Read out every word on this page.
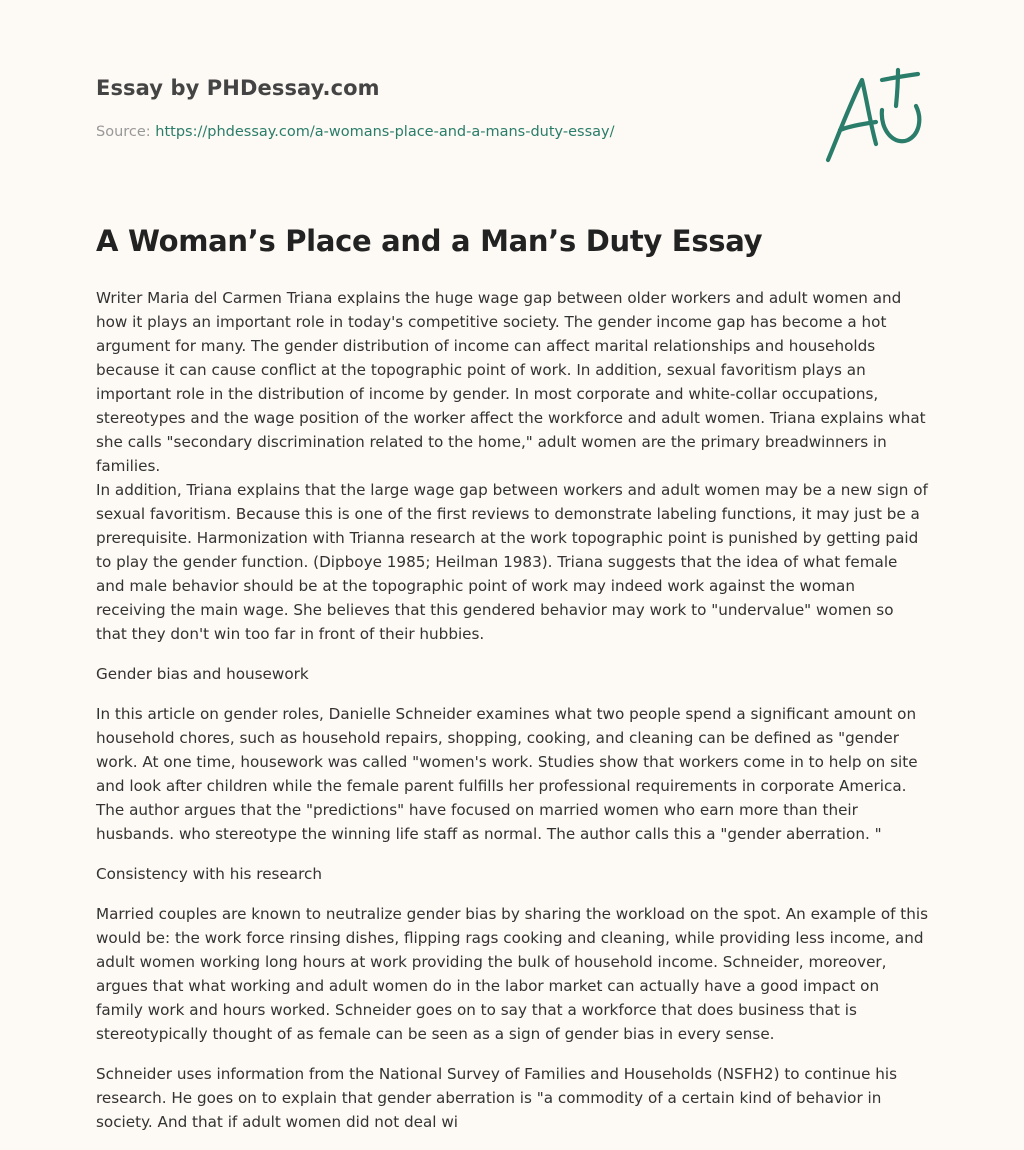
Essay by PHDessay.com
Source: https://phdessay.com/a-womans-place-and-a-mans-duty-essay/
A Woman’s Place and a Man’s Duty Essay

Writer Maria del Carmen Triana explains the huge wage gap between older workers and adult women and how it plays an important role in today's competitive society. The gender income gap has become a hot argument for many. The gender distribution of income can affect marital relationships and households because it can cause conflict at the topographic point of work. In addition, sexual favoritism plays an important role in the distribution of income by gender. In most corporate and white-collar occupations, stereotypes and the wage position of the worker affect the workforce and adult women. Triana explains what she calls "secondary discrimination related to the home," adult women are the primary breadwinners in families.

In addition, Triana explains that the large wage gap between workers and adult women may be a new sign of sexual favoritism. Because this is one of the first reviews to demonstrate labeling functions, it may just be a prerequisite. Harmonization with Trianna research at the work topographic point is punished by getting paid to play the gender function. (Dipboye 1985; Heilman 1983). Triana suggests that the idea of what female and male behavior should be at the topographic point of work may indeed work against the woman receiving the main wage. She believes that this gendered behavior may work to "undervalue" women so that they don't win too far in front of their hubbies.

Gender bias and housework

In this article on gender roles, Danielle Schneider examines what two people spend a significant amount on household chores, such as household repairs, shopping, cooking, and cleaning can be defined as "gender work. At one time, housework was called "women's work. Studies show that workers come in to help on site and look after children while the female parent fulfills her professional requirements in corporate America. The author argues that the "predictions" have focused on married women who earn more than their husbands. who stereotype the winning life staff as normal. The author calls this a "gender aberration. "

Consistency with his research

Married couples are known to neutralize gender bias by sharing the workload on the spot. An example of this would be: the work force rinsing dishes, flipping rags cooking and cleaning, while providing less income, and adult women working long hours at work providing the bulk of household income. Schneider, moreover, argues that what working and adult women do in the labor market can actually have a good impact on family work and hours worked. Schneider goes on to say that a workforce that does business that is stereotypically thought of as female can be seen as a sign of gender bias in every sense.

Schneider uses information from the National Survey of Families and Households (NSFH2) to continue his research. He goes on to explain that gender aberration is "a commodity of a certain kind of behavior in society. And that if adult women did not deal wi
